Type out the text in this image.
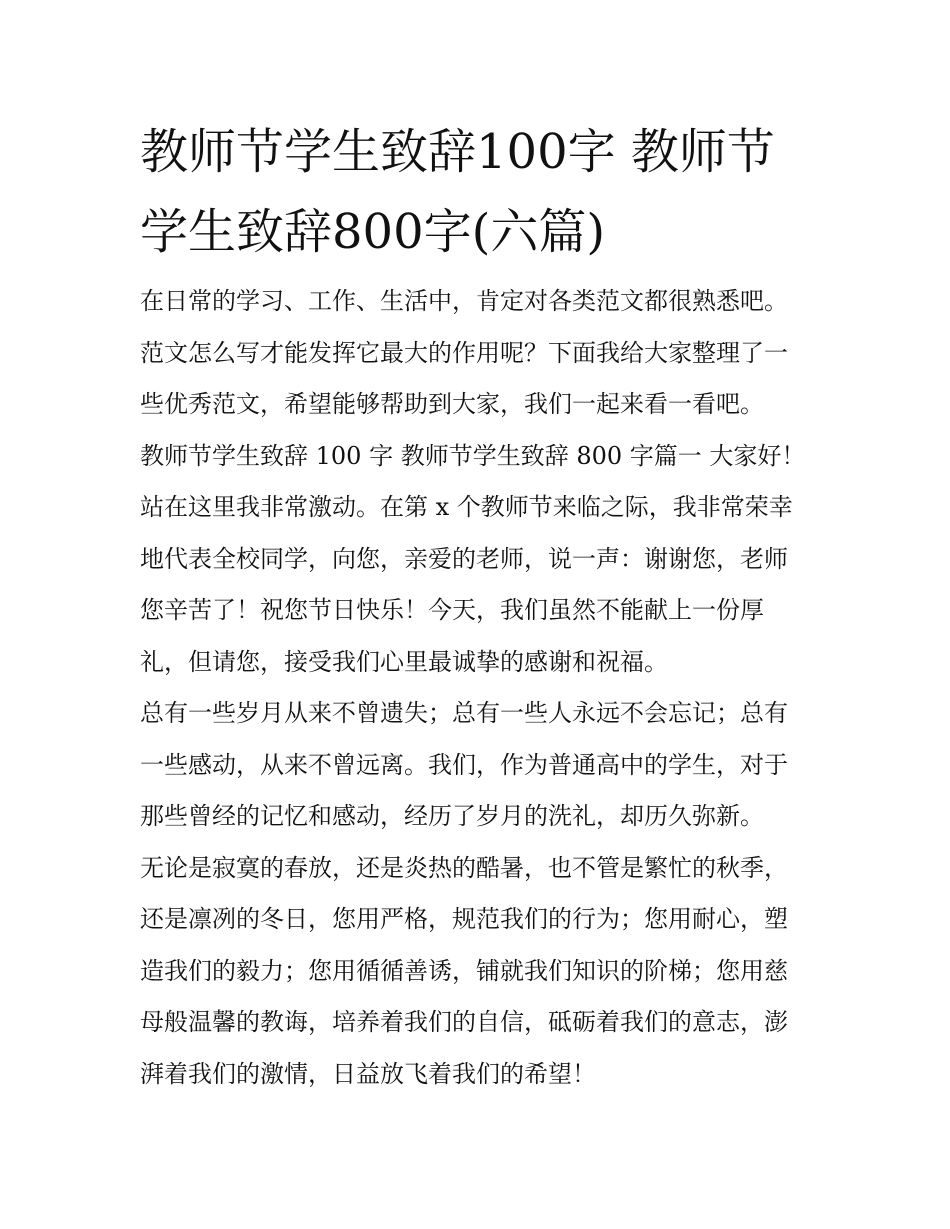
教师节学生致辞100字 教师节学生致辞800字(六篇)
在日常的学习、工作、生活中，肯定对各类范文都很熟悉吧。
范文怎么写才能发挥它最大的作用呢？下面我给大家整理了一
些优秀范文，希望能够帮助到大家，我们一起来看一看吧。
教师节学生致辞 100 字 教师节学生致辞 800 字篇一 大家好！
站在这里我非常激动。在第 x 个教师节来临之际，我非常荣幸
地代表全校同学，向您，亲爱的老师，说一声：谢谢您，老师
您辛苦了！祝您节日快乐！今天，我们虽然不能献上一份厚
礼，但请您，接受我们心里最诚挚的感谢和祝福。
总有一些岁月从来不曾遗失；总有一些人永远不会忘记；总有
一些感动，从来不曾远离。我们，作为普通高中的学生，对于
那些曾经的记忆和感动，经历了岁月的洗礼，却历久弥新。
无论是寂寞的春放，还是炎热的酷暑，也不管是繁忙的秋季，
还是凛冽的冬日，您用严格，规范我们的行为；您用耐心，塑
造我们的毅力；您用循循善诱，铺就我们知识的阶梯；您用慈
母般温馨的教诲，培养着我们的自信，砥砺着我们的意志，澎
湃着我们的激情，日益放飞着我们的希望！
